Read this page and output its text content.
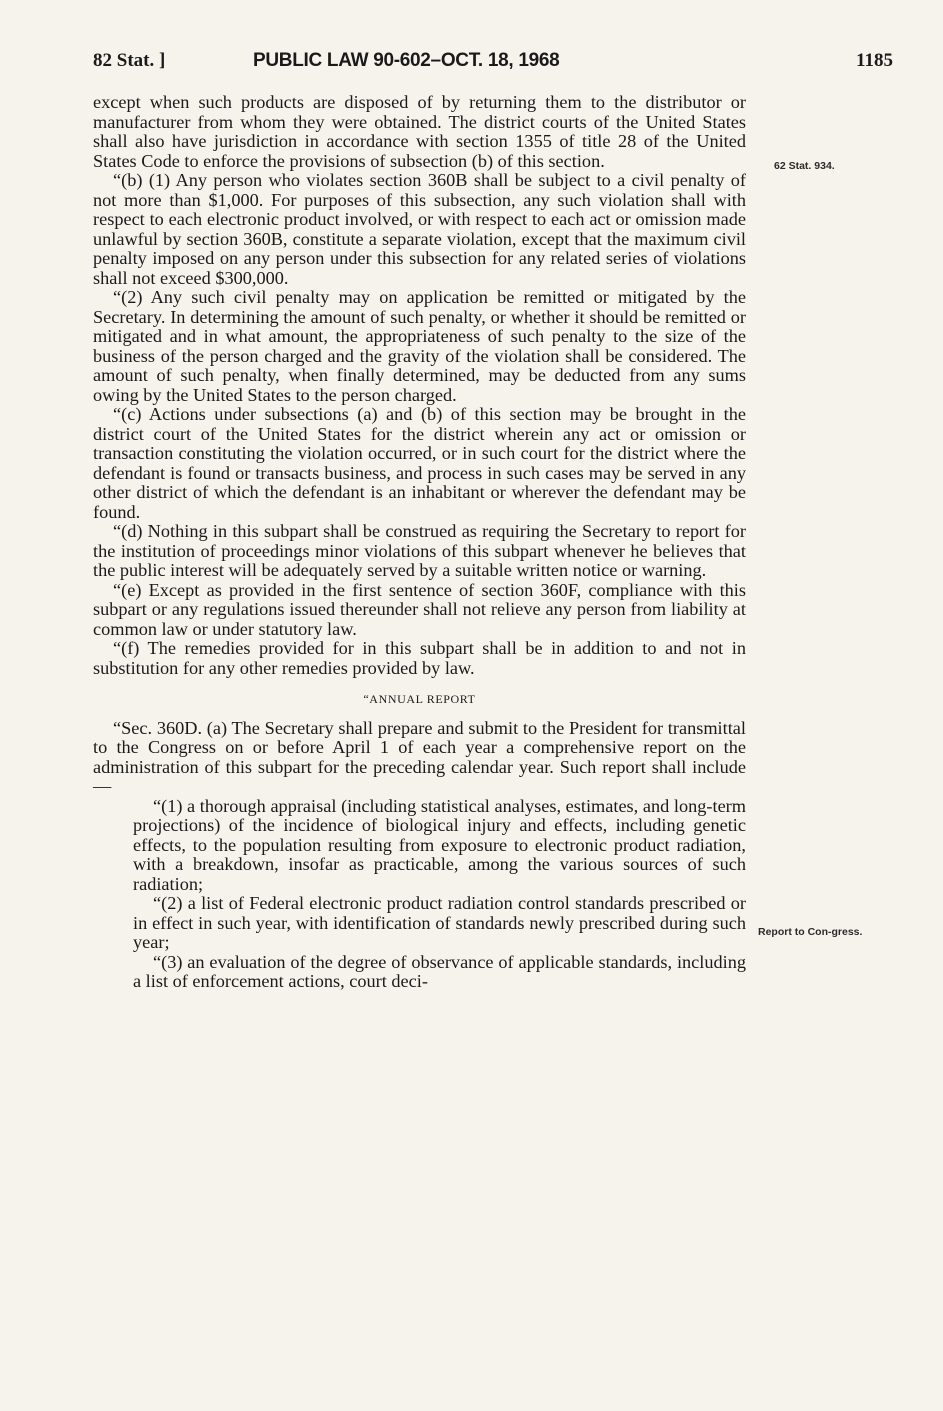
82 Stat. ]	PUBLIC LAW 90-602–OCT. 18, 1968	1185
62 Stat. 934.
Report to Con-gress.

except when such products are disposed of by returning them to the distributor or manufacturer from whom they were obtained. The district courts of the United States shall also have jurisdiction in accordance with section 1355 of title 28 of the United States Code to enforce the provisions of subsection (b) of this section.

“(b) (1) Any person who violates section 360B shall be subject to a civil penalty of not more than $1,000. For purposes of this subsection, any such violation shall with respect to each electronic product involved, or with respect to each act or omission made unlawful by section 360B, constitute a separate violation, except that the maximum civil penalty imposed on any person under this subsection for any related series of violations shall not exceed $300,000.

“(2) Any such civil penalty may on application be remitted or mitigated by the Secretary. In determining the amount of such penalty, or whether it should be remitted or mitigated and in what amount, the appropriateness of such penalty to the size of the business of the person charged and the gravity of the violation shall be considered. The amount of such penalty, when finally determined, may be deducted from any sums owing by the United States to the person charged.

“(c) Actions under subsections (a) and (b) of this section may be brought in the district court of the United States for the district wherein any act or omission or transaction constituting the violation occurred, or in such court for the district where the defendant is found or transacts business, and process in such cases may be served in any other district of which the defendant is an inhabitant or wherever the defendant may be found.

“(d) Nothing in this subpart shall be construed as requiring the Secretary to report for the institution of proceedings minor violations of this subpart whenever he believes that the public interest will be adequately served by a suitable written notice or warning.

“(e) Except as provided in the first sentence of section 360F, compliance with this subpart or any regulations issued thereunder shall not relieve any person from liability at common law or under statutory law.

“(f) The remedies provided for in this subpart shall be in addition to and not in substitution for any other remedies provided by law.

“ANNUAL REPORT

“Sec. 360D. (a) The Secretary shall prepare and submit to the President for transmittal to the Congress on or before April 1 of each year a comprehensive report on the administration of this subpart for the preceding calendar year. Such report shall include—

“(1) a thorough appraisal (including statistical analyses, estimates, and long-term projections) of the incidence of biological injury and effects, including genetic effects, to the population resulting from exposure to electronic product radiation, with a breakdown, insofar as practicable, among the various sources of such radiation;

“(2) a list of Federal electronic product radiation control standards prescribed or in effect in such year, with identification of standards newly prescribed during such year;

“(3) an evaluation of the degree of observance of applicable standards, including a list of enforcement actions, court deci-
